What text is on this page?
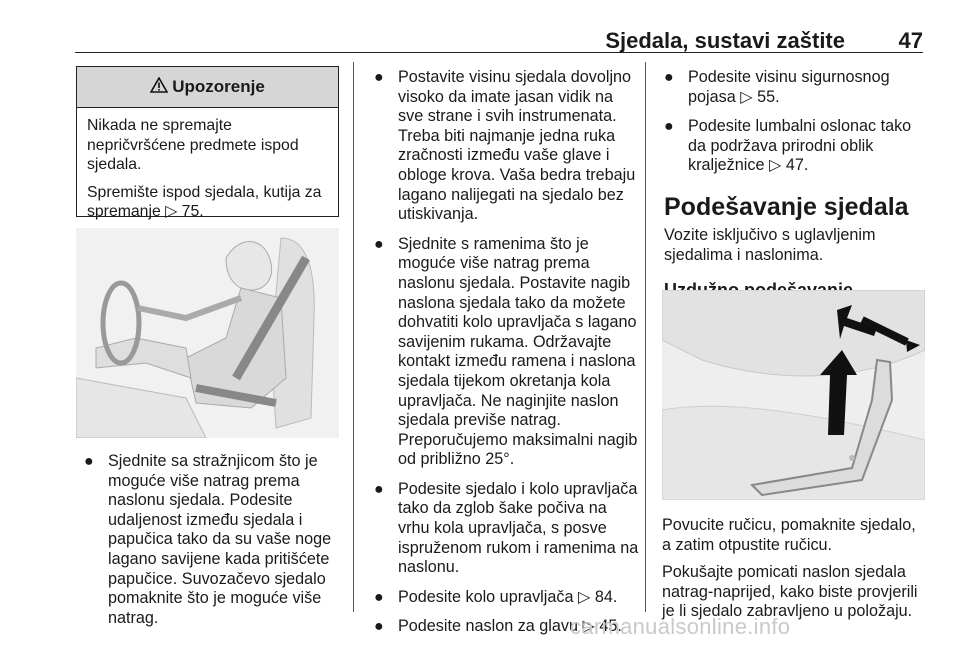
Sjedala, sustavi zaštite 47
Upozorenje

Nikada ne spremajte nepričvršćene predmete ispod sjedala.

Spremište ispod sjedala, kutija za spremanje ▷ 75.

● Sjednite sa stražnjicom što je moguće više natrag prema naslonu sjedala. Podesite udaljenost između sjedala i papučica tako da su vaše noge lagano savijene kada pritišćete papučice. Suvozačevo sjedalo pomaknite što je moguće više natrag.
● Postavite visinu sjedala dovoljno visoko da imate jasan vidik na sve strane i svih instrumenata. Treba biti najmanje jedna ruka zračnosti između vaše glave i obloge krova. Vaša bedra trebaju lagano nalijegati na sjedalo bez utiskivanja.
● Sjednite s ramenima što je moguće više natrag prema naslonu sjedala. Postavite nagib naslona sjedala tako da možete dohvatiti kolo upravljača s lagano savijenim rukama. Održavajte kontakt između ramena i naslona sjedala tijekom okretanja kola upravljača. Ne naginjite naslon sjedala previše natrag. Preporučujemo maksimalni nagib od približno 25°.
● Podesite sjedalo i kolo upravljača tako da zglob šake počiva na vrhu kola upravljača, s posve ispruženom rukom i ramenima na naslonu.
● Podesite kolo upravljača ▷ 84.
● Podesite naslon za glavu ▷ 45.
● Podesite visinu sigurnosnog pojasa ▷ 55.
● Podesite lumbalni oslonac tako da podržava prirodni oblik kralježnice ▷ 47.
Podešavanje sjedala

Vozite isključivo s uglavljenim sjedalima i naslonima.

Povucite ručicu, pomaknite sjedalo, a zatim otpustite ručicu.

Pokušajte pomicati naslon sjedala natrag-naprijed, kako biste provjerili je li sjedalo zabravljeno u položaju.

carmanualsonline.info
